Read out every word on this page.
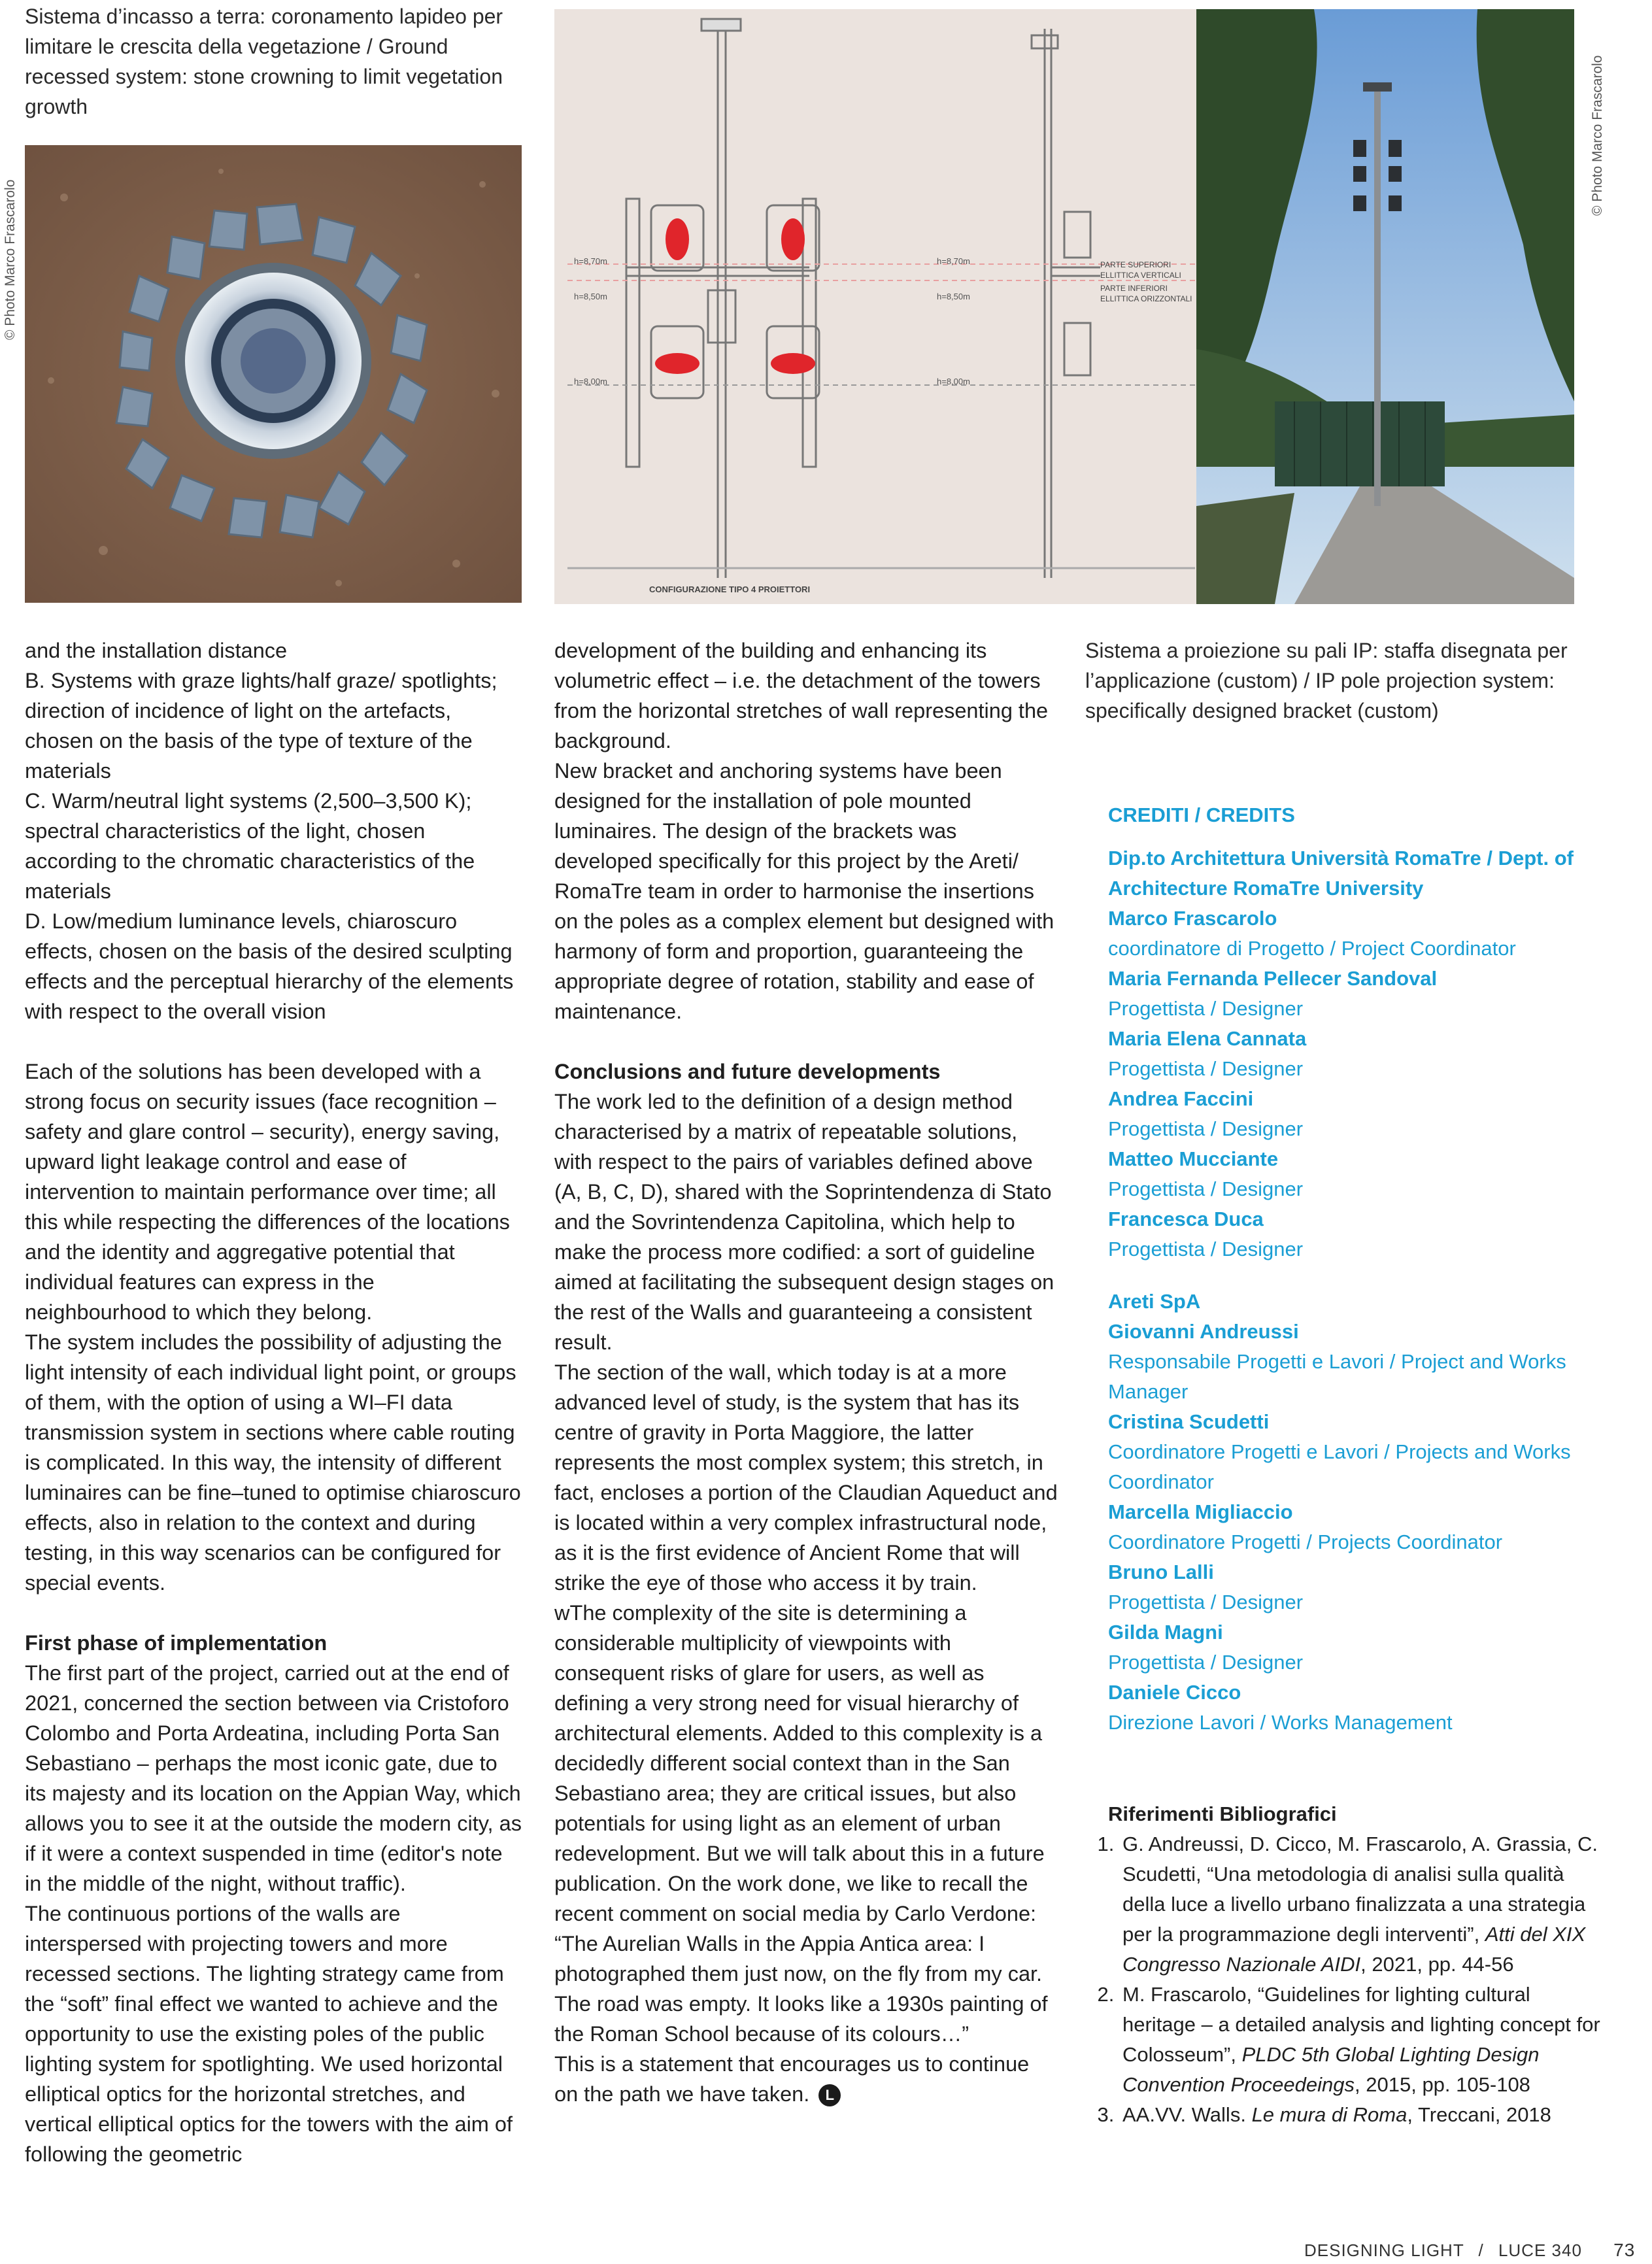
Sistema d’incasso a terra: coronamento lapideo per limitare le crescita della vegetazione / Ground recessed system: stone crowning to limit vegetation growth
© Photo Marco Frascarolo	h=8,70m
h=8,50m
h=8,00m
h=8,70m
h=8,50m
h=8,00m
PARTE SUPERIORI
ELLITTICA VERTICALI
PARTE INFERIORI
ELLITTICA ORIZZONTALI
CONFIGURAZIONE TIPO 4 PROIETTORI
© Photo Marco Frascarolo

and the installation distance

B. Systems with graze lights/half graze/ spotlights; direction of incidence of light on the artefacts, chosen on the basis of the type of texture of the materials

C. Warm/neutral light systems (2,500–3,500 K); spectral characteristics of the light, chosen according to the chromatic characteristics of the materials

D. Low/medium luminance levels, chiaroscuro effects, chosen on the basis of the desired sculpting effects and the perceptual hierarchy of the elements with respect to the overall vision

Each of the solutions has been developed with a strong focus on security issues (face recognition – safety and glare control – security), energy saving, upward light leakage control and ease of intervention to maintain performance over time; all this while respecting the differences of the locations and the identity and aggregative potential that individual features can express in the neighbourhood to which they belong.

The system includes the possibility of adjusting the light intensity of each individual light point, or groups of them, with the option of using a WI–FI data transmission system in sections where cable routing is complicated. In this way, the intensity of different luminaires can be fine–tuned to optimise chiaroscuro effects, also in relation to the context and during testing, in this way scenarios can be configured for special events.

First phase of implementation

The first part of the project, carried out at the end of 2021, concerned the section between via Cristoforo Colombo and Porta Ardeatina, including Porta San Sebastiano – perhaps the most iconic gate, due to its majesty and its location on the Appian Way, which allows you to see it at the outside the modern city, as if it were a context suspended in time (editor's note in the middle of the night, without traffic).

The continuous portions of the walls are interspersed with projecting towers and more recessed sections. The lighting strategy came from the “soft” final effect we wanted to achieve and the opportunity to use the existing poles of the public lighting system for spotlighting. We used horizontal elliptical optics for the horizontal stretches, and vertical elliptical optics for the towers with the aim of following the geometric

development of the building and enhancing its volumetric effect – i.e. the detachment of the towers from the horizontal stretches of wall representing the background.

New bracket and anchoring systems have been designed for the installation of pole mounted luminaires. The design of the brackets was developed specifically for this project by the Areti/ RomaTre team in order to harmonise the insertions on the poles as a complex element but designed with harmony of form and proportion, guaranteeing the appropriate degree of rotation, stability and ease of maintenance.

Conclusions and future developments

The work led to the definition of a design method characterised by a matrix of repeatable solutions, with respect to the pairs of variables defined above (A, B, C, D), shared with the Soprintendenza di Stato and the Sovrintendenza Capitolina, which help to make the process more codified: a sort of guideline aimed at facilitating the subsequent design stages on the rest of the Walls and guaranteeing a consistent result.

The section of the wall, which today is at a more advanced level of study, is the system that has its centre of gravity in Porta Maggiore, the latter represents the most complex system; this stretch, in fact, encloses a portion of the Claudian Aqueduct and is located within a very complex infrastructural node, as it is the first evidence of Ancient Rome that will strike the eye of those who access it by train.

wThe complexity of the site is determining a considerable multiplicity of viewpoints with consequent risks of glare for users, as well as defining a very strong need for visual hierarchy of architectural elements. Added to this complexity is a decidedly different social context than in the San Sebastiano area; they are critical issues, but also potentials for using light as an element of urban redevelopment. But we will talk about this in a future publication. On the work done, we like to recall the recent comment on social media by Carlo Verdone: “The Aurelian Walls in the Appia Antica area: I photographed them just now, on the fly from my car. The road was empty. It looks like a 1930s painting of the Roman School because of its colours…”

This is a statement that encourages us to continue on the path we have taken. L

Sistema a proiezione su pali IP: staffa disegnata per l’applicazione (custom) / IP pole projection system: specifically designed bracket (custom)
CREDITI / CREDITS
Dip.to Architettura Università RomaTre / Dept. of Architecture RomaTre University
Marco Frascarolo
coordinatore di Progetto / Project Coordinator
Maria Fernanda Pellecer Sandoval
Progettista / Designer
Maria Elena Cannata
Progettista / Designer
Andrea Faccini
Progettista / Designer
Matteo Mucciante
Progettista / Designer
Francesca Duca
Progettista / Designer
Areti SpA
Giovanni Andreussi
Responsabile Progetti e Lavori / Project and Works Manager
Cristina Scudetti
Coordinatore Progetti e Lavori / Projects and Works Coordinator
Marcella Migliaccio
Coordinatore Progetti / Projects Coordinator
Bruno Lalli
Progettista / Designer
Gilda Magni
Progettista / Designer
Daniele Cicco
Direzione Lavori / Works Management
Riferimenti Bibliografici
1. G. Andreussi, D. Cicco, M. Frascarolo, A. Grassia, C. Scudetti, “Una metodologia di analisi sulla qualità della luce a livello urbano finalizzata a una strategia per la programmazione degli interventi”, Atti del XIX Congresso Nazionale AIDI, 2021, pp. 44-56
2. M. Frascarolo, “Guidelines for lighting cultural heritage – a detailed analysis and lighting concept for Colosseum”, PLDC 5th Global Lighting Design Convention Proceedeings, 2015, pp. 105-108
3. AA.VV. Walls. Le mura di Roma, Treccani, 2018
DESIGNING LIGHT / LUCE 340 73
